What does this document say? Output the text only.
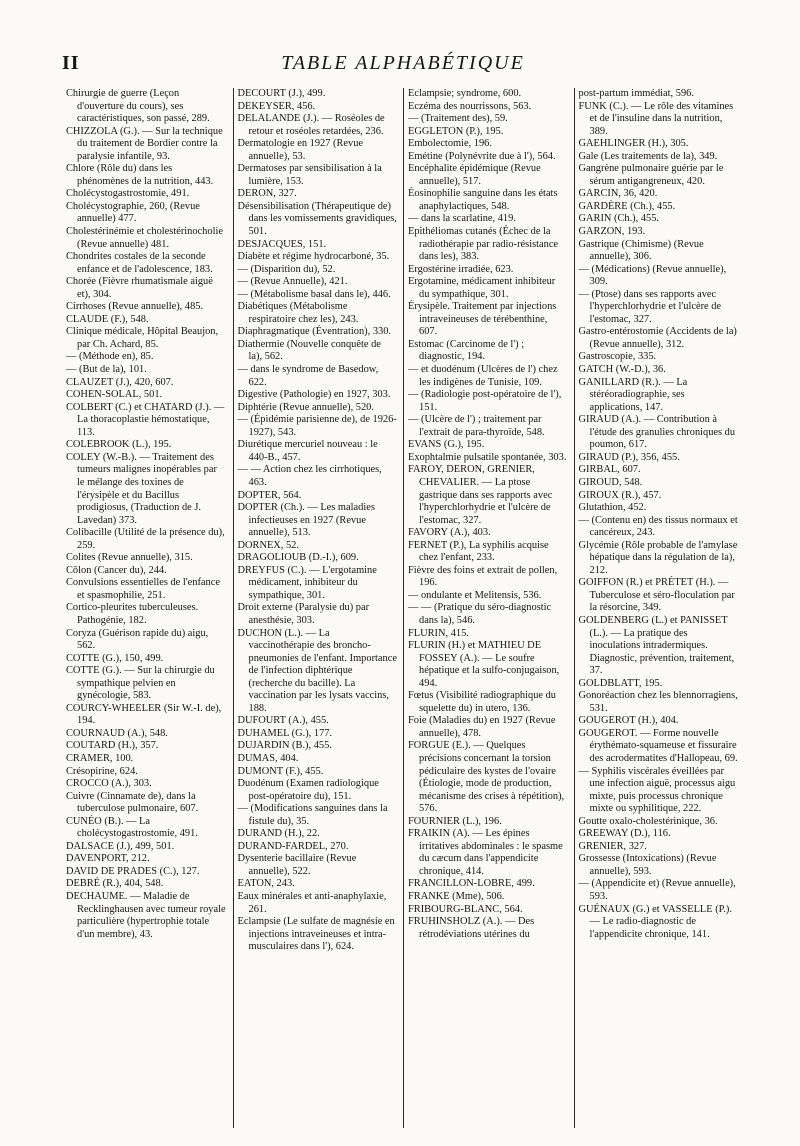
II	TABLE ALPHABÉTIQUE

Chirurgie de guerre (Leçon d'ouverture du cours), ses caractéristiques, son passé, 289.

CHIZZOLA (G.). — Sur la technique du traitement de Bordier contre la paralysie infantile, 93.

Chlore (Rôle du) dans les phénomènes de la nutrition, 443.

Cholécystogastrostomie, 491.

Cholécystographie, 260, (Revue annuelle) 477.

Cholestérinémie et cholestérinocholie (Revue annuelle) 481.

Chondrites costales de la seconde enfance et de l'adolescence, 183.

Chorée (Fièvre rhumatismale aiguë et), 304.

Cirrhoses (Revue annuelle), 485.

CLAUDE (F.), 548.

Clinique médicale, Hôpital Beaujon, par Ch. Achard, 85.

— (Méthode en), 85.

— (But de la), 101.

CLAUZET (J.), 420, 607.

COHEN-SOLAL, 501.

COLBERT (C.) et CHATARD (J.). — La thoracoplastie hémostatique, 113.

COLEBROOK (L.), 195.

COLEY (W.-B.). — Traitement des tumeurs malignes inopérables par le mélange des toxines de l'érysipèle et du Bacillus prodigiosus, (Traduction de J. Lavedan) 373.

Colibacille (Utilité de la présence du), 259.

Colites (Revue annuelle), 315.

Côlon (Cancer du), 244.

Convulsions essentielles de l'enfance et spasmophilie, 251.

Cortico-pleurites tuberculeuses. Pathogénie, 182.

Coryza (Guérison rapide du) aigu, 562.

COTTE (G.), 150, 499.

COTTE (G.). — Sur la chirurgie du sympathique pelvien en gynécologie, 583.

COURCY-WHEELER (Sir W.-I. de), 194.

COURNAUD (A.), 548.

COUTARD (H.), 357.

CRAMER, 100.

Crésopirine, 624.

CROCCO (A.), 303.

Cuivre (Cinnamate de), dans la tuberculose pulmonaire, 607.

CUNÉO (B.). — La cholécystogastrostomie, 491.

DALSACE (J.), 499, 501.

DAVENPORT, 212.

DAVID DE PRADES (C.), 127.

DEBRÉ (R.), 404, 548.

DECHAUME. — Maladie de Recklinghausen avec tumeur royale particulière (hypertrophie totale d'un membre), 43.

DECOURT (J.), 499.

DEKEYSER, 456.

DELALANDE (J.). — Roséoles de retour et roséoles retardées, 236.

Dermatologie en 1927 (Revue annuelle), 53.

Dermatoses par sensibilisation à la lumière, 153.

DERON, 327.

Désensibilisation (Thérapeutique de) dans les vomissements gravidiques, 501.

DESJACQUES, 151.

Diabète et régime hydrocarboné, 35.

— (Disparition du), 52.

— (Revue Annuelle), 421.

— (Métabolisme basal dans le), 446.

Diabétiques (Métabolisme respiratoire chez les), 243.

Diaphragmatique (Éventration), 330.

Diathermie (Nouvelle conquête de la), 562.

— dans le syndrome de Basedow, 622.

Digestive (Pathologie) en 1927, 303.

Diphtérie (Revue annuelle), 520.

— (Épidémie parisienne de), de 1926-1927), 543.

Diurétique mercuriel nouveau : le 440-B., 457.

— — Action chez les cirrhotiques, 463.

DOPTER, 564.

DOPTER (Ch.). — Les maladies infectieuses en 1927 (Revue annuelle), 513.

DORNEX, 52.

DRAGOLIOUB (D.-I.), 609.

DREYFUS (C.). — L'ergotamine médicament, inhibiteur du sympathique, 301.

Droit externe (Paralysie du) par anesthésie, 303.

DUCHON (L.). — La vaccinothérapie des broncho-pneumonies de l'enfant. Importance de l'infection diphtérique (recherche du bacille). La vaccination par les lysats vaccins, 188.

DUFOURT (A.), 455.

DUHAMEL (G.), 177.

DUJARDIN (B.), 455.

DUMAS, 404.

DUMONT (F.), 455.

Duodénum (Examen radiologique post-opératoire du), 151.

— (Modifications sanguines dans la fistule du), 35.

DURAND (H.), 22.

DURAND-FARDEL, 270.

Dysenterie bacillaire (Revue annuelle), 522.

EATON, 243.

Eaux minérales et anti-anaphylaxie, 261.

Eclampsie (Le sulfate de magnésie en injections intraveineuses et intra-musculaires dans l'), 624.

Eclampsie; syndrome, 600.

Eczéma des nourrissons, 563.

— (Traitement des), 59.

EGGLETON (P.), 195.

Embolectomie, 196.

Emétine (Polynévrite due à l'), 564.

Encéphalite épidémique (Revue annuelle), 517.

Éosinophilie sanguine dans les états anaphylactiques, 548.

— dans la scarlatine, 419.

Epithéliomas cutanés (Échec de la radiothérapie par radio-résistance dans les), 383.

Ergostérine irradiée, 623.

Ergotamine, médicament inhibiteur du sympathique, 301.

Érysipèle. Traitement par injections intraveineuses de térébenthine, 607.

Estomac (Carcinome de l') ; diagnostic, 194.

— et duodénum (Ulcères de l') chez les indigènes de Tunisie, 109.

— (Radiologie post-opératoire de l'), 151.

— (Ulcère de l') ; traitement par l'extrait de para-thyroïde, 548.

EVANS (G.), 195.

Exophtalmie pulsatile spontanée, 303.

FAROY, DERON, GRENIER, CHEVALIER. — La ptose gastrique dans ses rapports avec l'hyperchlorhydrie et l'ulcère de l'estomac, 327.

FAVORY (A.), 403.

FERNET (P.), La syphilis acquise chez l'enfant, 233.

Fièvre des foins et extrait de pollen, 196.

— ondulante et Melitensis, 536.

— — (Pratique du séro-diagnostic dans la), 546.

FLURIN, 415.

FLURIN (H.) et MATHIEU DE FOSSEY (A.). — Le soufre hépatique et la sulfo-conjugaison, 494.

Fœtus (Visibilité radiographique du squelette du) in utero, 136.

Foie (Maladies du) en 1927 (Revue annuelle), 478.

FORGUE (E.). — Quelques précisions concernant la torsion pédiculaire des kystes de l'ovaire (Étiologie, mode de production, mécanisme des crises à répétition), 576.

FOURNIER (L.), 196.

FRAIKIN (A). — Les épines irritatives abdominales : le spasme du cæcum dans l'appendicite chronique, 414.

FRANCILLON-LOBRE, 499.

FRANKE (Mme), 506.

FRIBOURG-BLANC, 564.

FRUHINSHOLZ (A.). — Des rétrodéviations utérines du

post-partum immédiat, 596.

FUNK (C.). — Le rôle des vitamines et de l'insuline dans la nutrition, 389.

GAEHLINGER (H.), 305.

Gale (Les traitements de la), 349.

Gangrène pulmonaire guérie par le sérum antigangreneux, 420.

GARCIN, 36, 420.

GARDÈRE (Ch.), 455.

GARIN (Ch.), 455.

GARZON, 193.

Gastrique (Chimisme) (Revue annuelle), 306.

— (Médications) (Revue annuelle), 309.

— (Ptose) dans ses rapports avec l'hyperchlorhydrie et l'ulcère de l'estomac, 327.

Gastro-entérostomie (Accidents de la) (Revue annuelle), 312.

Gastroscopie, 335.

GATCH (W.-D.), 36.

GANILLARD (R.). — La stéréoradiographie, ses applications, 147.

GIRAUD (A.). — Contribution à l'étude des granulies chroniques du poumon, 617.

GIRAUD (P.), 356, 455.

GIRBAL, 607.

GIROUD, 548.

GIROUX (R.), 457.

Glutathion, 452.

— (Contenu en) des tissus normaux et cancéreux, 243.

Glycémie (Rôle probable de l'amylase hépatique dans la régulation de la), 212.

GOIFFON (R.) et PRÉTET (H.). — Tuberculose et séro-floculation par la résorcine, 349.

GOLDENBERG (L.) et PANISSET (L.). — La pratique des inoculations intradermiques. Diagnostic, prévention, traitement, 37.

GOLDBLATT, 195.

Gonoréaction chez les blennorragiens, 531.

GOUGEROT (H.), 404.

GOUGEROT. — Forme nouvelle érythémato-squameuse et fissuraire des acrodermatites d'Hallopeau, 69.

— Syphilis viscérales éveillées par une infection aiguë, processus aigu mixte, puis processus chronique mixte ou syphilitique, 222.

Goutte oxalo-cholestérinique, 36.

GREEWAY (D.), 116.

GRENIER, 327.

Grossesse (Intoxications) (Revue annuelle), 593.

— (Appendicite et) (Revue annuelle), 593.

GUÉNAUX (G.) et VASSELLE (P.). — Le radio-diagnostic de l'appendicite chronique, 141.
